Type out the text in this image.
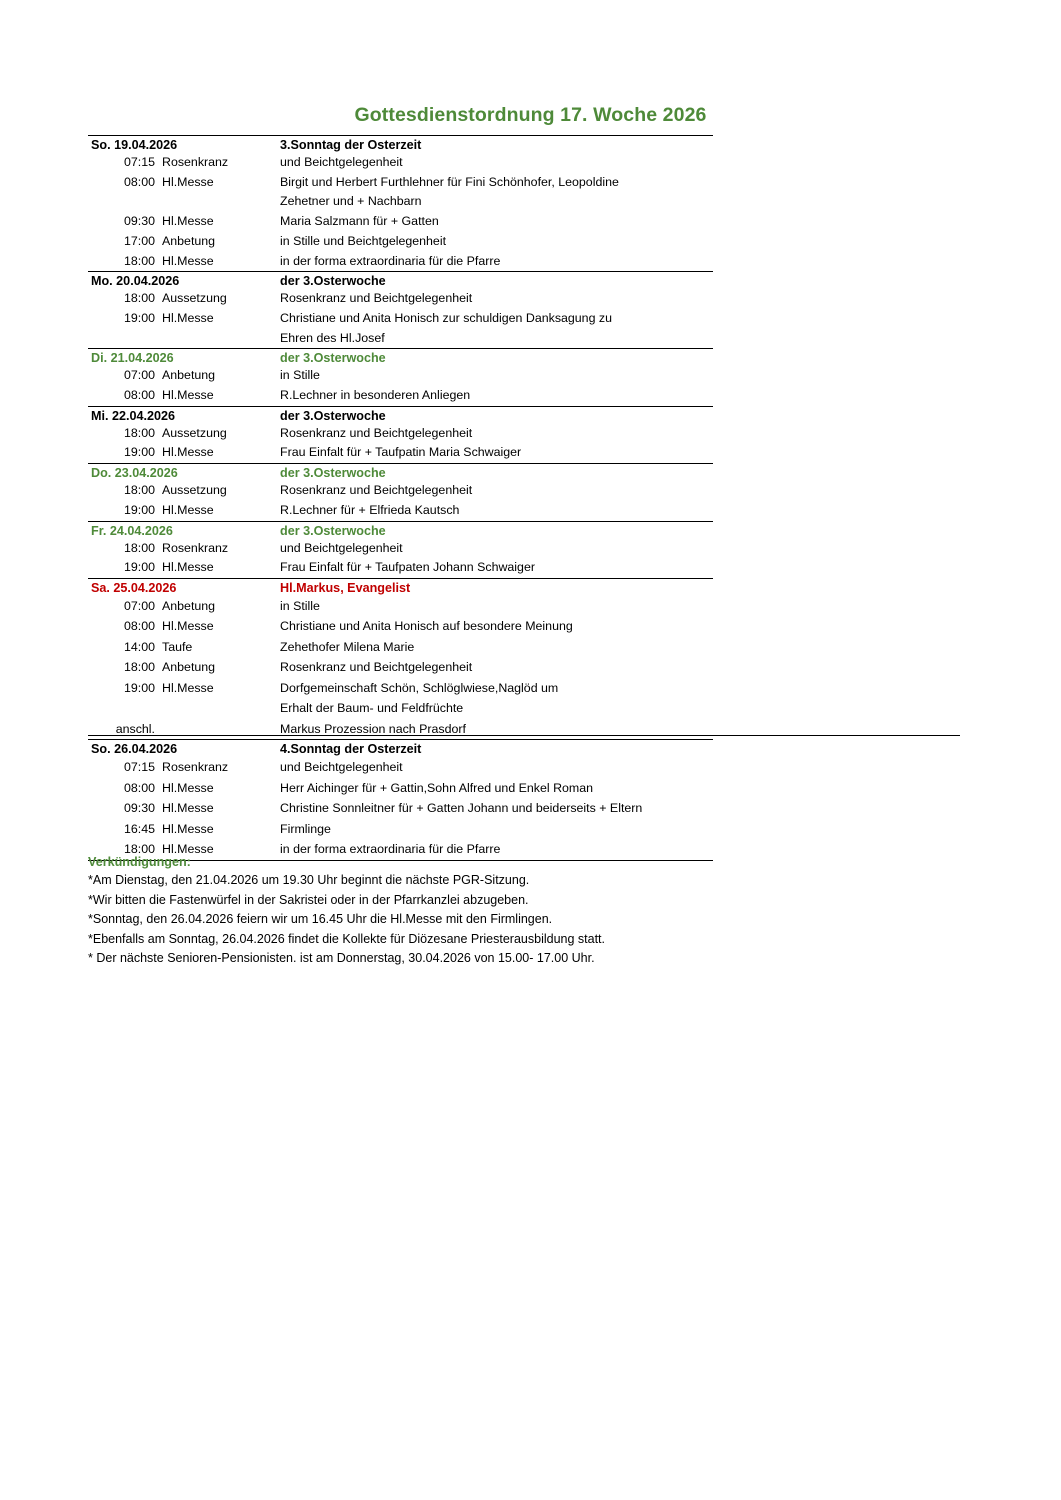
Gottesdienstordnung 17. Woche 2026
So. 19.04.2026	3.Sonntag der Osterzeit
07:15 Rosenkranz	und Beichtgelegenheit
08:00 Hl.Messe	Birgit und Herbert Furthlehner für Fini Schönhofer, Leopoldine
Zehetner und + Nachbarn
09:30 Hl.Messe	Maria Salzmann für + Gatten
17:00 Anbetung	in Stille und Beichtgelegenheit
18:00 Hl.Messe	in der forma extraordinaria für die Pfarre
Mo. 20.04.2026	der 3.Osterwoche
18:00 Aussetzung	Rosenkranz und Beichtgelegenheit
19:00 Hl.Messe	Christiane und Anita Honisch zur schuldigen Danksagung zu
Ehren des Hl.Josef
Di. 21.04.2026	der 3.Osterwoche
07:00 Anbetung	in Stille
08:00 Hl.Messe	R.Lechner in besonderen Anliegen
Mi. 22.04.2026	der 3.Osterwoche
18:00 Aussetzung	Rosenkranz und Beichtgelegenheit
19:00 Hl.Messe	Frau Einfalt für + Taufpatin Maria Schwaiger
Do. 23.04.2026	der 3.Osterwoche
18:00 Aussetzung	Rosenkranz und Beichtgelegenheit
19:00 Hl.Messe	R.Lechner für + Elfrieda Kautsch
Fr. 24.04.2026	der 3.Osterwoche
18:00 Rosenkranz	und Beichtgelegenheit
19:00 Hl.Messe	Frau Einfalt für + Taufpaten Johann Schwaiger
Sa. 25.04.2026	Hl.Markus, Evangelist
07:00 Anbetung	in Stille
08:00 Hl.Messe	Christiane und Anita Honisch auf besondere Meinung
14:00 Taufe	Zehethofer Milena Marie
18:00 Anbetung	Rosenkranz und Beichtgelegenheit
19:00 Hl.Messe	Dorfgemeinschaft Schön, Schlöglwiese,Naglöd um
Erhalt der Baum- und Feldfrüchte
anschl.	Markus Prozession nach Prasdorf
So. 26.04.2026	4.Sonntag der Osterzeit
07:15 Rosenkranz	und Beichtgelegenheit
08:00 Hl.Messe	Herr Aichinger für + Gattin,Sohn Alfred und Enkel Roman
09:30 Hl.Messe	Christine Sonnleitner für + Gatten Johann und beiderseits + Eltern
16:45 Hl.Messe	Firmlinge
18:00 Hl.Messe	in der forma extraordinaria für die Pfarre
Verkündigungen:
*Am Dienstag, den 21.04.2026 um 19.30 Uhr beginnt die nächste PGR-Sitzung.
*Wir bitten die Fastenwürfel in der Sakristei oder in der Pfarrkanzlei abzugeben.
*Sonntag, den 26.04.2026 feiern wir um 16.45 Uhr die Hl.Messe mit den Firmlingen.
*Ebenfalls am Sonntag, 26.04.2026 findet die Kollekte für Diözesane Priesterausbildung statt.
* Der nächste Senioren-Pensionisten. ist am Donnerstag, 30.04.2026 von 15.00- 17.00 Uhr.
